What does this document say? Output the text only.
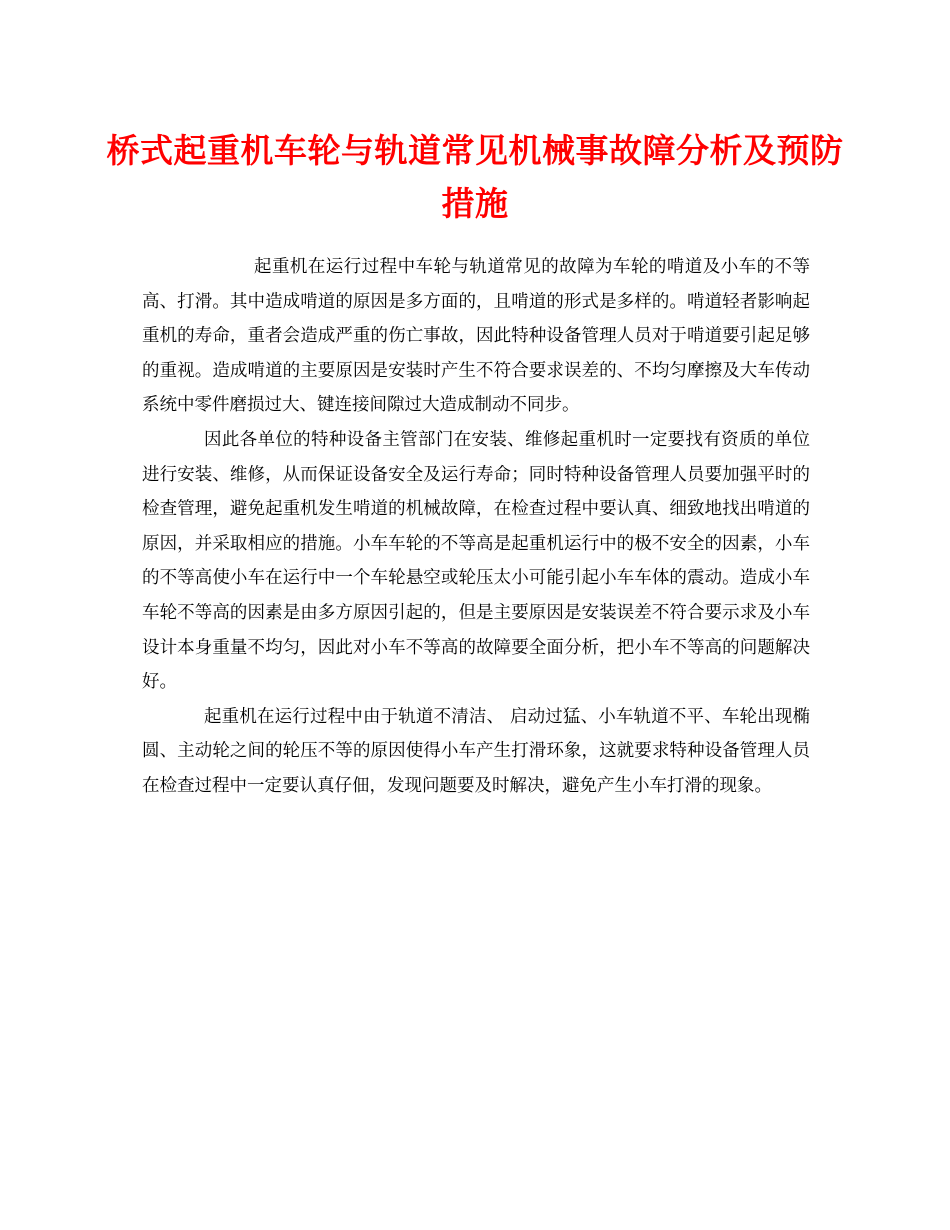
桥式起重机车轮与轨道常见机械事故障分析及预防措施

起重机在运行过程中车轮与轨道常见的故障为车轮的啃道及小车的不等高、打滑。其中造成啃道的原因是多方面的，且啃道的形式是多样的。啃道轻者影响起重机的寿命，重者会造成严重的伤亡事故，因此特种设备管理人员对于啃道要引起足够的重视。造成啃道的主要原因是安装时产生不符合要求误差的、不均匀摩擦及大车传动系统中零件磨损过大、键连接间隙过大造成制动不同步。

因此各单位的特种设备主管部门在安装、维修起重机时一定要找有资质的单位进行安装、维修，从而保证设备安全及运行寿命；同时特种设备管理人员要加强平时的检查管理，避免起重机发生啃道的机械故障，在检查过程中要认真、细致地找出啃道的原因，并采取相应的措施。小车车轮的不等高是起重机运行中的极不安全的因素，小车的不等高使小车在运行中一个车轮悬空或轮压太小可能引起小车车体的震动。造成小车车轮不等高的因素是由多方原因引起的，但是主要原因是安装误差不符合要示求及小车设计本身重量不均匀，因此对小车不等高的故障要全面分析，把小车不等高的问题解决好。

起重机在运行过程中由于轨道不清洁、 启动过猛、小车轨道不平、车轮出现椭圆、主动轮之间的轮压不等的原因使得小车产生打滑环象，这就要求特种设备管理人员在检查过程中一定要认真仔佃，发现问题要及时解决，避免产生小车打滑的现象。
